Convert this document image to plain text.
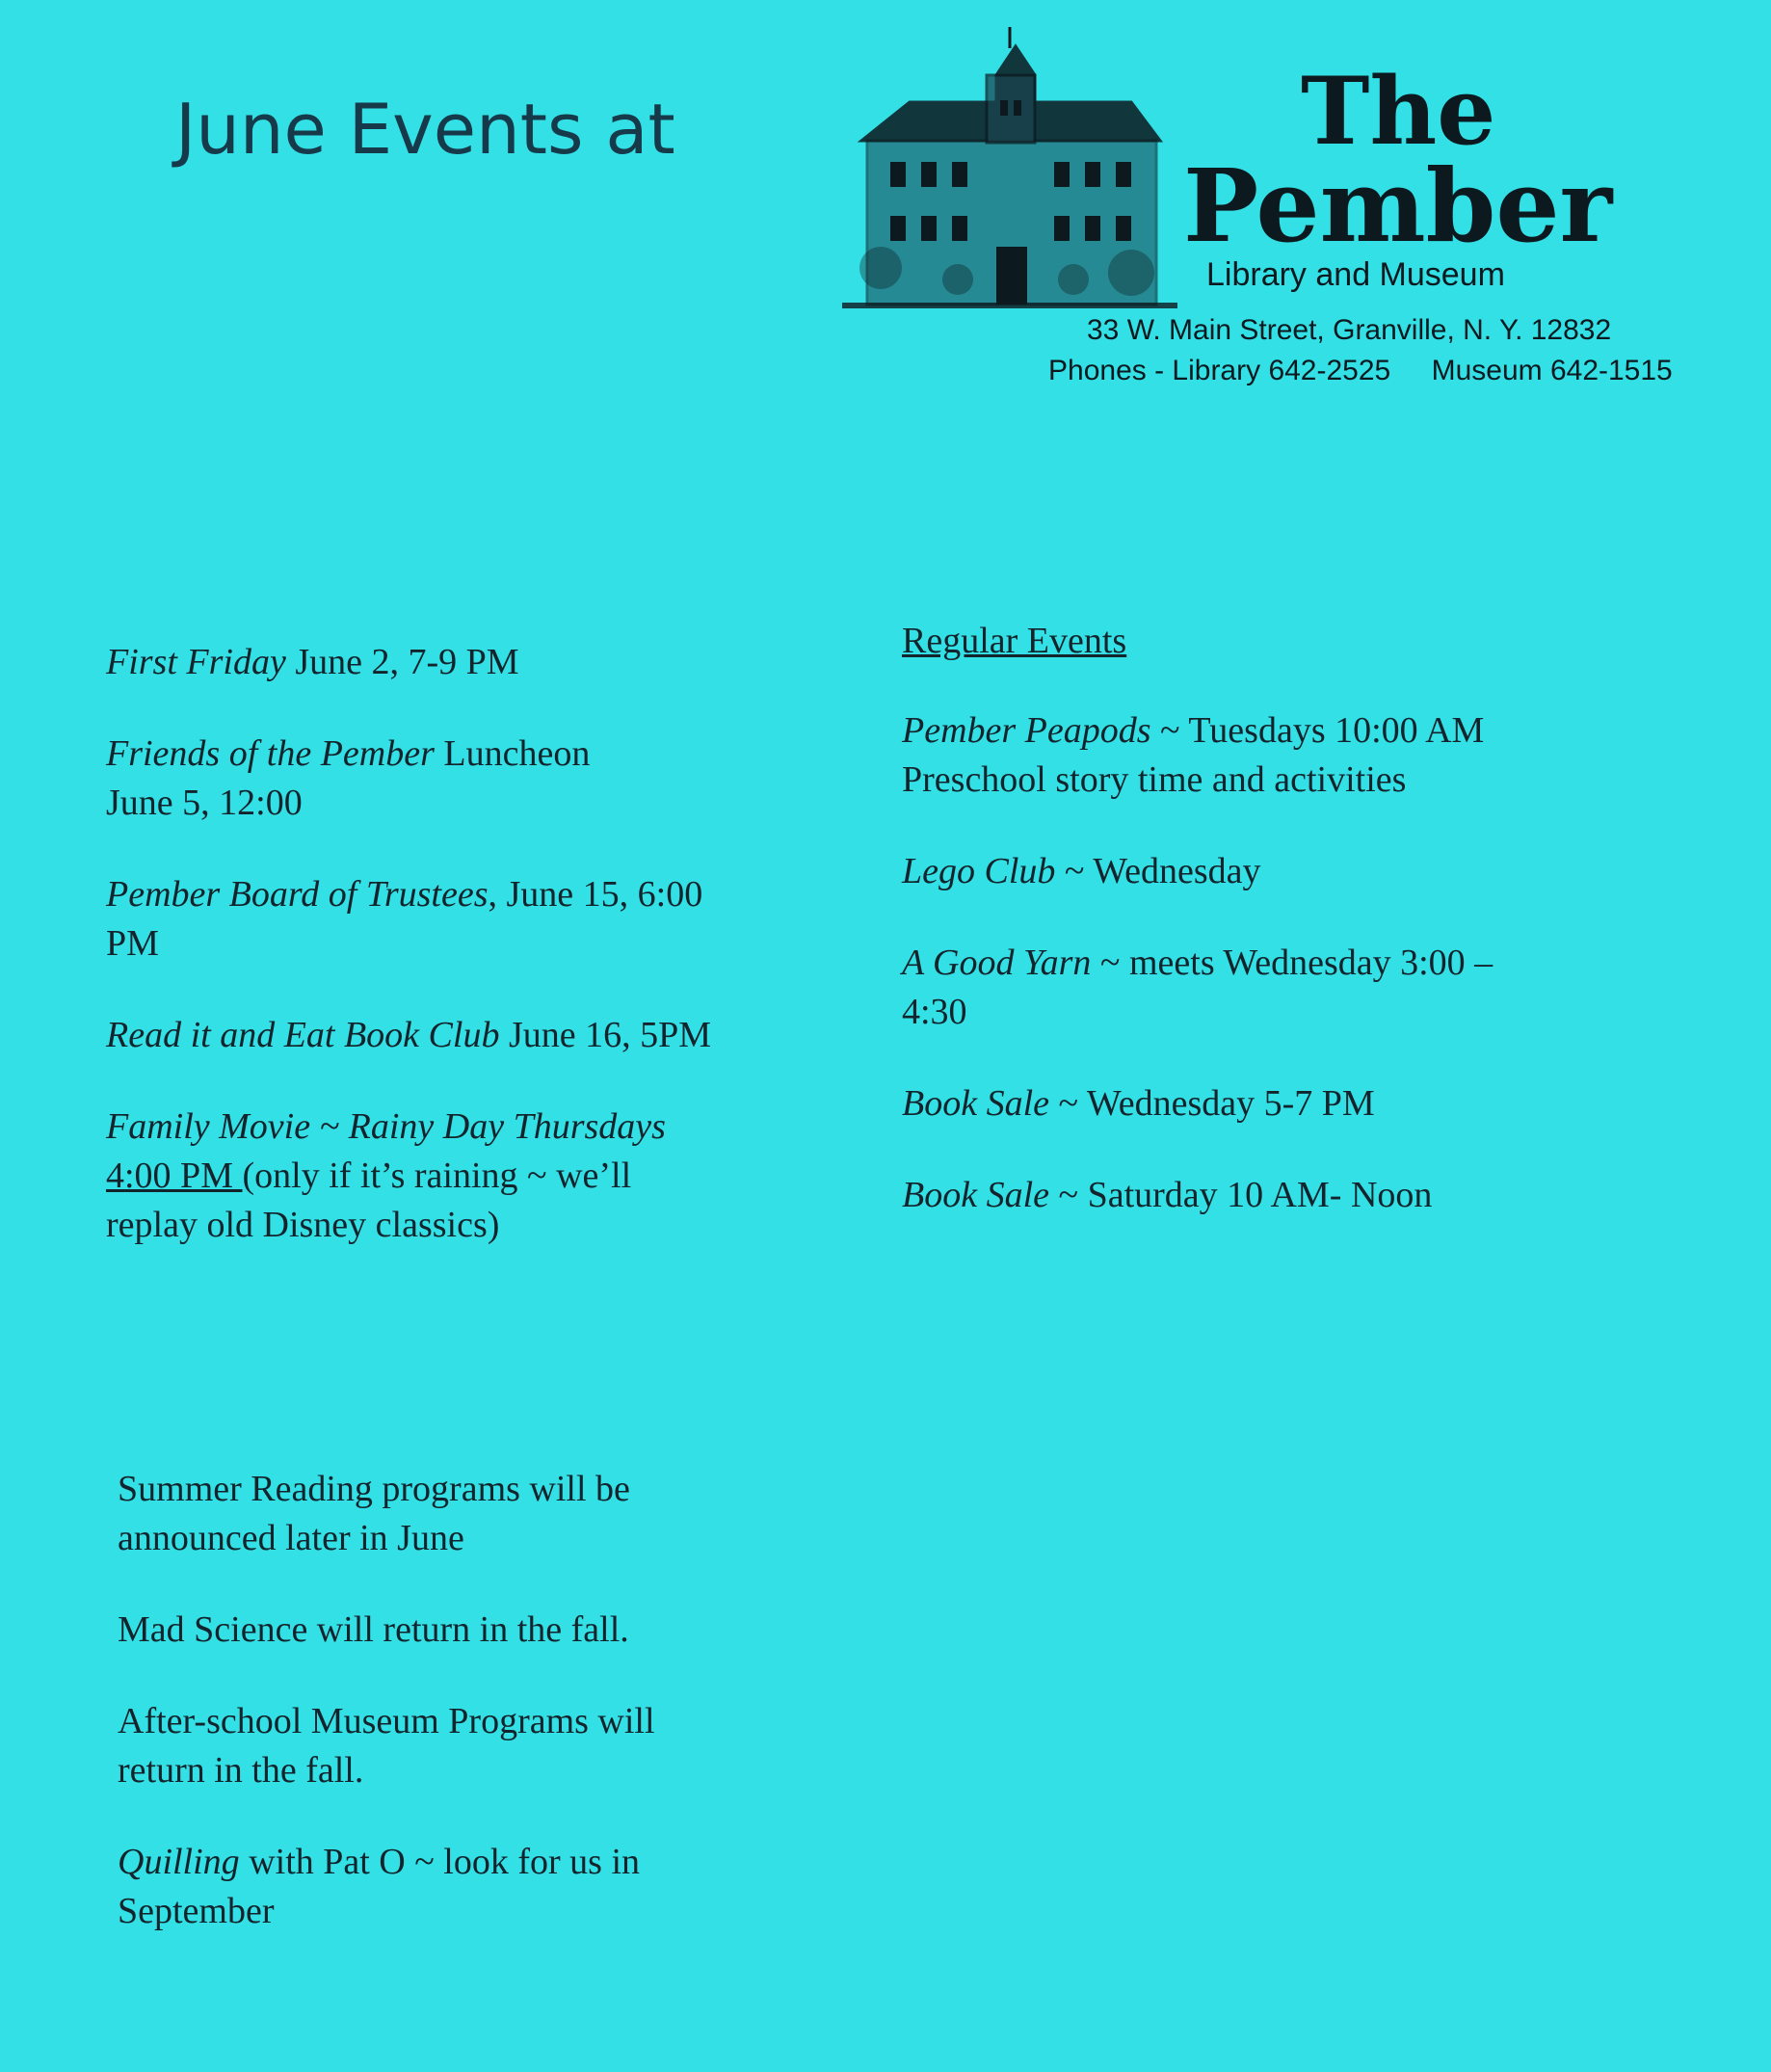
June Events at	The
Pember
Library and Museum
33 W. Main Street, Granville, N. Y. 12832
Phones - Library 642-2525 Museum 642-1515

First Friday June 2, 7-9 PM

Friends of the Pember Luncheon
June 5, 12:00

Pember Board of Trustees, June 15, 6:00
PM

Read it and Eat Book Club June 16, 5PM

Family Movie ~ Rainy Day Thursdays
4:00 PM (only if it’s raining ~ we’ll
replay old Disney classics)

Regular Events

Pember Peapods ~ Tuesdays 10:00 AM
Preschool story time and activities

Lego Club ~ Wednesday

A Good Yarn ~ meets Wednesday 3:00 –
4:30

Book Sale ~ Wednesday 5-7 PM

Book Sale ~ Saturday 10 AM- Noon

Summer Reading programs will be
announced later in June

Mad Science will return in the fall.

After-school Museum Programs will
return in the fall.

Quilling with Pat O ~ look for us in
September
